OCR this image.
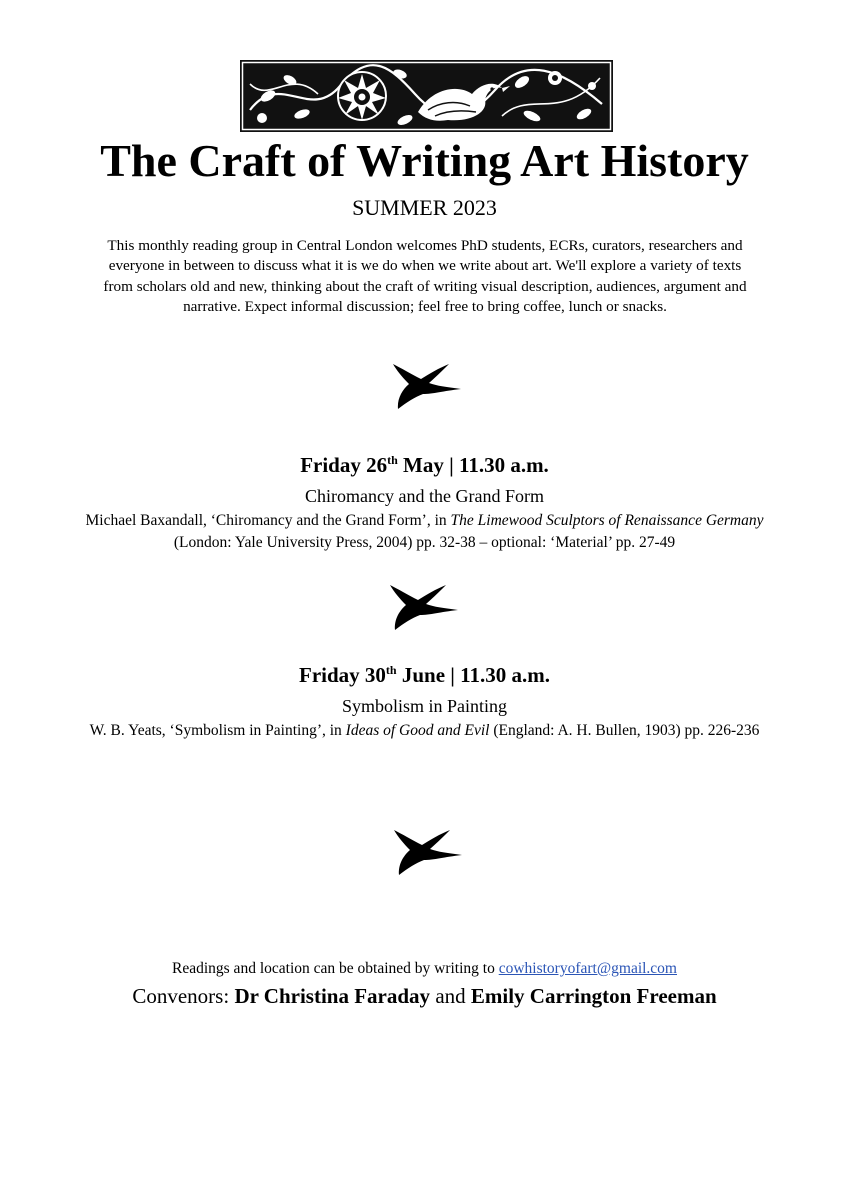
The Craft of Writing Art History
SUMMER 2023
This monthly reading group in Central London welcomes PhD students, ECRs, curators, researchers and everyone in between to discuss what it is we do when we write about art. We'll explore a variety of texts from scholars old and new, thinking about the craft of writing visual description, audiences, argument and narrative. Expect informal discussion; feel free to bring coffee, lunch or snacks.
Friday 26th May | 11.30 a.m.
Chiromancy and the Grand Form
Michael Baxandall, ‘Chiromancy and the Grand Form’, in The Limewood Sculptors of Renaissance Germany (London: Yale University Press, 2004) pp. 32-38 – optional: ‘Material’ pp. 27-49
Friday 30th June | 11.30 a.m.
Symbolism in Painting
W. B. Yeats, ‘Symbolism in Painting’, in Ideas of Good and Evil (England: A. H. Bullen, 1903) pp. 226-236
Readings and location can be obtained by writing to cowhistoryofart@gmail.com
Convenors: Dr Christina Faraday and Emily Carrington Freeman
